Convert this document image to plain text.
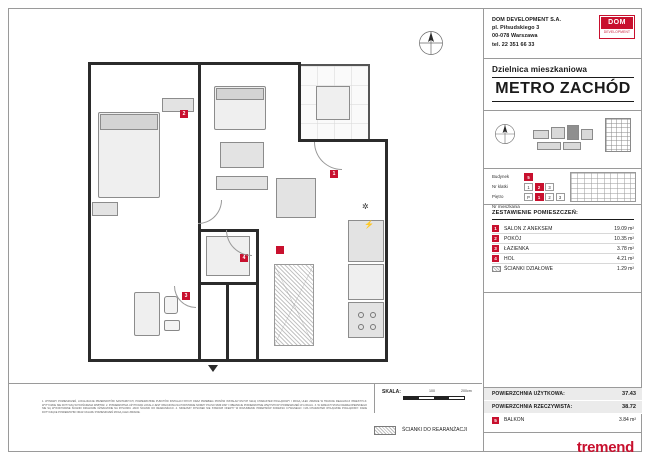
2
1
✲
⚡
4
3
DOM DEVELOPMENT S.A.
pl. Piłsudskiego 3
00-078 Warszawa
tel. 22 351 66 33
DOM
DEVELOPMENT
Dzielnica mieszkaniowa
METRO ZACHÓD
Budynek	5
Nr klatki	1	2	3
Piętro	P	1	2	3
Nr mieszkania
ZESTAWIENIE POMIESZCZEŃ:
1	SALON Z ANEKSEM	19.09 m²
2	POKÓJ	10.35 m²
3	ŁAZIENKA	3.78 m²
4	HOL	4.21 m²
ŚCIANKI DZIAŁOWE	1.29 m²
POWIERZCHNIA UŻYTKOWA:	37.43
POWIERZCHNIA RZECZYWISTA:	38.72
5	BALKON	3.84 m²
tremend
SKALA:	100	200cm
ŚCIANKI DO REARANŻACJI
1. WYMIARY POMIESZCZEŃ, LOKALIZACJE PRZEDMIOTÓW SANITARNYCH, POWIERZCHNIE PUNKTÓW INSTALACYJNYCH ORAZ PRZEBIEG PIONÓW INSTALACYJNYCH MAJĄ CHARAKTER POGLĄDOWY I MOGĄ ULEC ZMIANIE W TRAKCIE REALIZACJI INWESTYCJI. WYTYCZNE NIE DOTYCZĄ WYKOŃCZENIA WNĘTRZ. 2. POWIERZCHNIA UŻYTKOWA LOKALU JEST OBLICZONA NA PODSTAWIE NORMY PN-ISO 9836:1997 I OBEJMUJE POWIERZCHNIE WSZYSTKICH POMIESZCZEŃ W LOKALU. 3. W RAMACH STANU DEWELOPERSKIEGO NIE SĄ WYKONYWANE ŚCIANKI DZIAŁOWE OZNACZONE NA RYSUNKU JAKO ŚCIANKI DO REARANŻACJI. 4. NINIEJSZY RYSUNEK NIE STANOWI OFERTY W ROZUMIENIU PRZEPISÓW KODEKSU CYWILNEGO I MA CHARAKTER WYŁĄCZNIE POGLĄDOWY. DANE DOTYCZĄCE POWIERZCHNI ORAZ UKŁADU POMIESZCZEŃ MOGĄ ULEC ZMIANIE.
